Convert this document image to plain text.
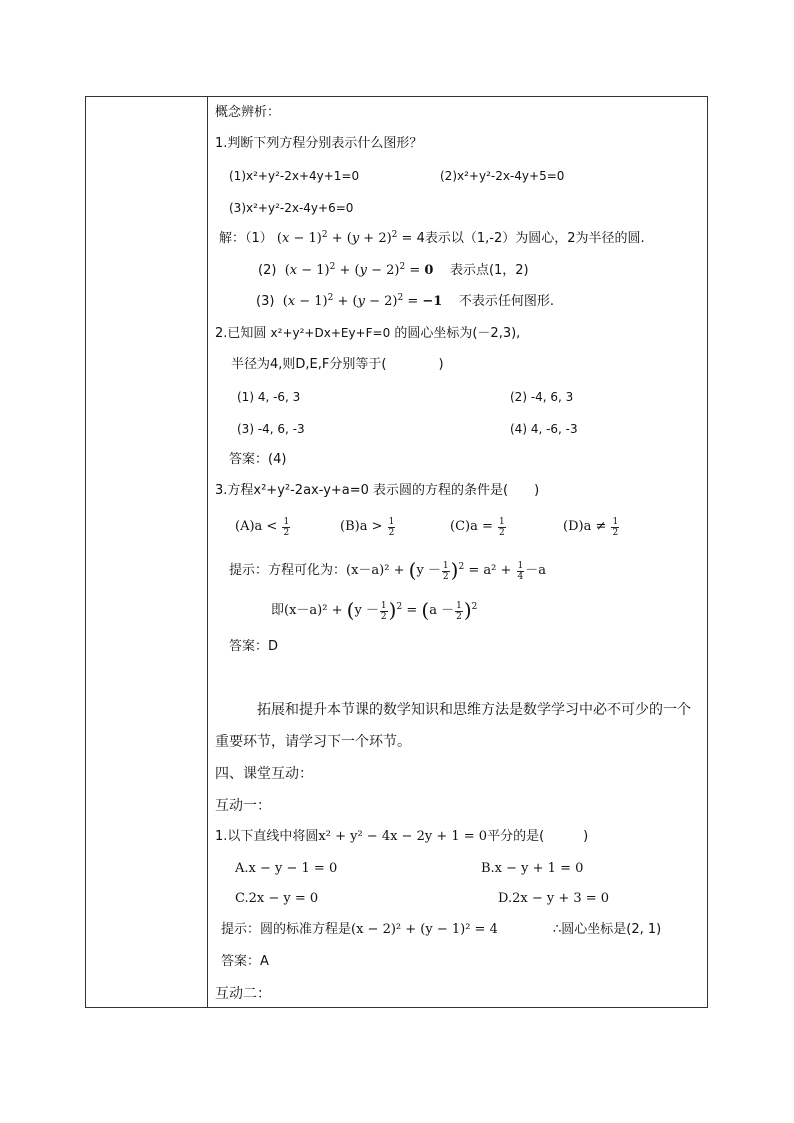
概念辨析：
1.判断下列方程分别表示什么图形？
(1)x²+y²-2x+4y+1=0	(2)x²+y²-2x-4y+5=0
(3)x²+y²-2x-4y+6=0
解：（1） $(x - 1)^2 + (y + 2)^2 = 4$表示以（1,-2）为圆心，2为半径的圆.
(2)  $(x - 1)^2 + (y - 2)^2 = 0$ 表示点(1，2)
(3)  $(x - 1)^2 + (y - 2)^2 = -1$ 不表示任何图形.
2.已知圆 x²+y²+Dx+Ey+F=0 的圆心坐标为(－2,3),
半径为4,则D,E,F分别等于(　　　　)
(1) 4, -6, 3	(2) -4, 6, 3
(3) -4, 6, -3	(4) 4, -6, -3
答案：(4)
3.方程x²+y²-2ax-y+a=0 表示圆的方程的条件是(　　)
$(A)a < \frac{1}{2}$	$(B)a > \frac{1}{2}$	$(C)a = \frac{1}{2}$	$(D)a \ne \frac{1}{2}$
提示：方程可化为：$(x-a)^2 + (y - \frac{1}{2} )^2 = a^2 + \frac{1}{4} -a$
即$(x-a)^2 + (y - \frac{1}{2} )^2 = (a - \frac{1}{2} )^2$
答案：D
拓展和提升本节课的数学知识和思维方法是数学学习中必不可少的一个
重要环节，请学习下一个环节。
四、课堂互动：
互动一：
1.以下直线中将圆x² + y² − 4x − 2y + 1 = 0平分的是(　　　)
A.x − y − 1 = 0	B.x − y + 1 = 0
C.2x − y = 0	D.2x − y + 3 = 0
提示：圆的标准方程是(x − 2)² + (y − 1)² = 4	∴圆心坐标是(2, 1)
答案：A
互动二：
